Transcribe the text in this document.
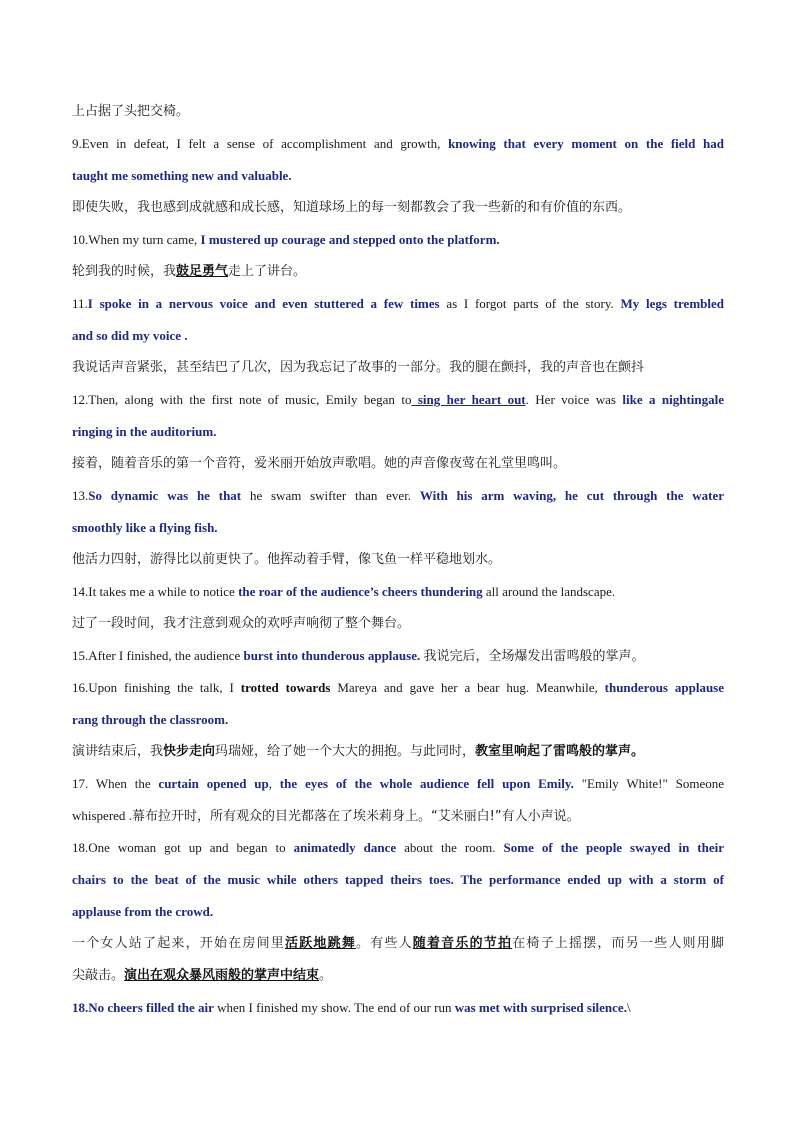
上占据了头把交椅。
9.Even in defeat, I felt a sense of accomplishment and growth, knowing that every moment on the field had
taught me something new and valuable.
即使失败，我也感到成就感和成长感，知道球场上的每一刻都教会了我一些新的和有价值的东西。
10.When my turn came, I mustered up courage and stepped onto the platform.
轮到我的时候，我鼓足勇气走上了讲台。
11.I spoke in a nervous voice and even stuttered a few times as I forgot parts of the story. My legs trembled
and so did my voice .
我说话声音紧张，甚至结巴了几次，因为我忘记了故事的一部分。我的腿在颤抖，我的声音也在颤抖
12.Then, along with the first note of music, Emily began to sing her heart out. Her voice was like a nightingale
ringing in the auditorium.
接着，随着音乐的第一个音符，爱米丽开始放声歌唱。她的声音像夜莺在礼堂里鸣叫。
13.So dynamic was he that he swam swifter than ever. With his arm waving, he cut through the water
smoothly like a flying fish.
他活力四射，游得比以前更快了。他挥动着手臂，像飞鱼一样平稳地划水。
14.It takes me a while to notice the roar of the audience’s cheers thundering all around the landscape.
过了一段时间，我才注意到观众的欢呼声响彻了整个舞台。
15.After I finished, the audience burst into thunderous applause. 我说完后，全场爆发出雷鸣般的掌声。
16.Upon finishing the talk, I trotted towards Mareya and gave her a bear hug. Meanwhile, thunderous applause
rang through the classroom.
演讲结束后，我快步走向玛瑞娅，给了她一个大大的拥抱。与此同时，教室里响起了雷鸣般的掌声。
17. When the curtain opened up, the eyes of the whole audience fell upon Emily. "Emily White!" Someone
whispered .幕布拉开时，所有观众的目光都落在了埃米莉身上。“艾米丽白!”有人小声说。
18.One woman got up and began to animatedly dance about the room. Some of the people swayed in their
chairs to the beat of the music while others tapped theirs toes. The performance ended up with a storm of
applause from the crowd.
一个女人站了起来，开始在房间里活跃地跳舞。有些人随着音乐的节拍在椅子上摇摆，而另一些人则用脚
尖敲击。演出在观众暴风雨般的掌声中结束。
18.No cheers filled the air when I finished my show. The end of our run was met with surprised silence.\
